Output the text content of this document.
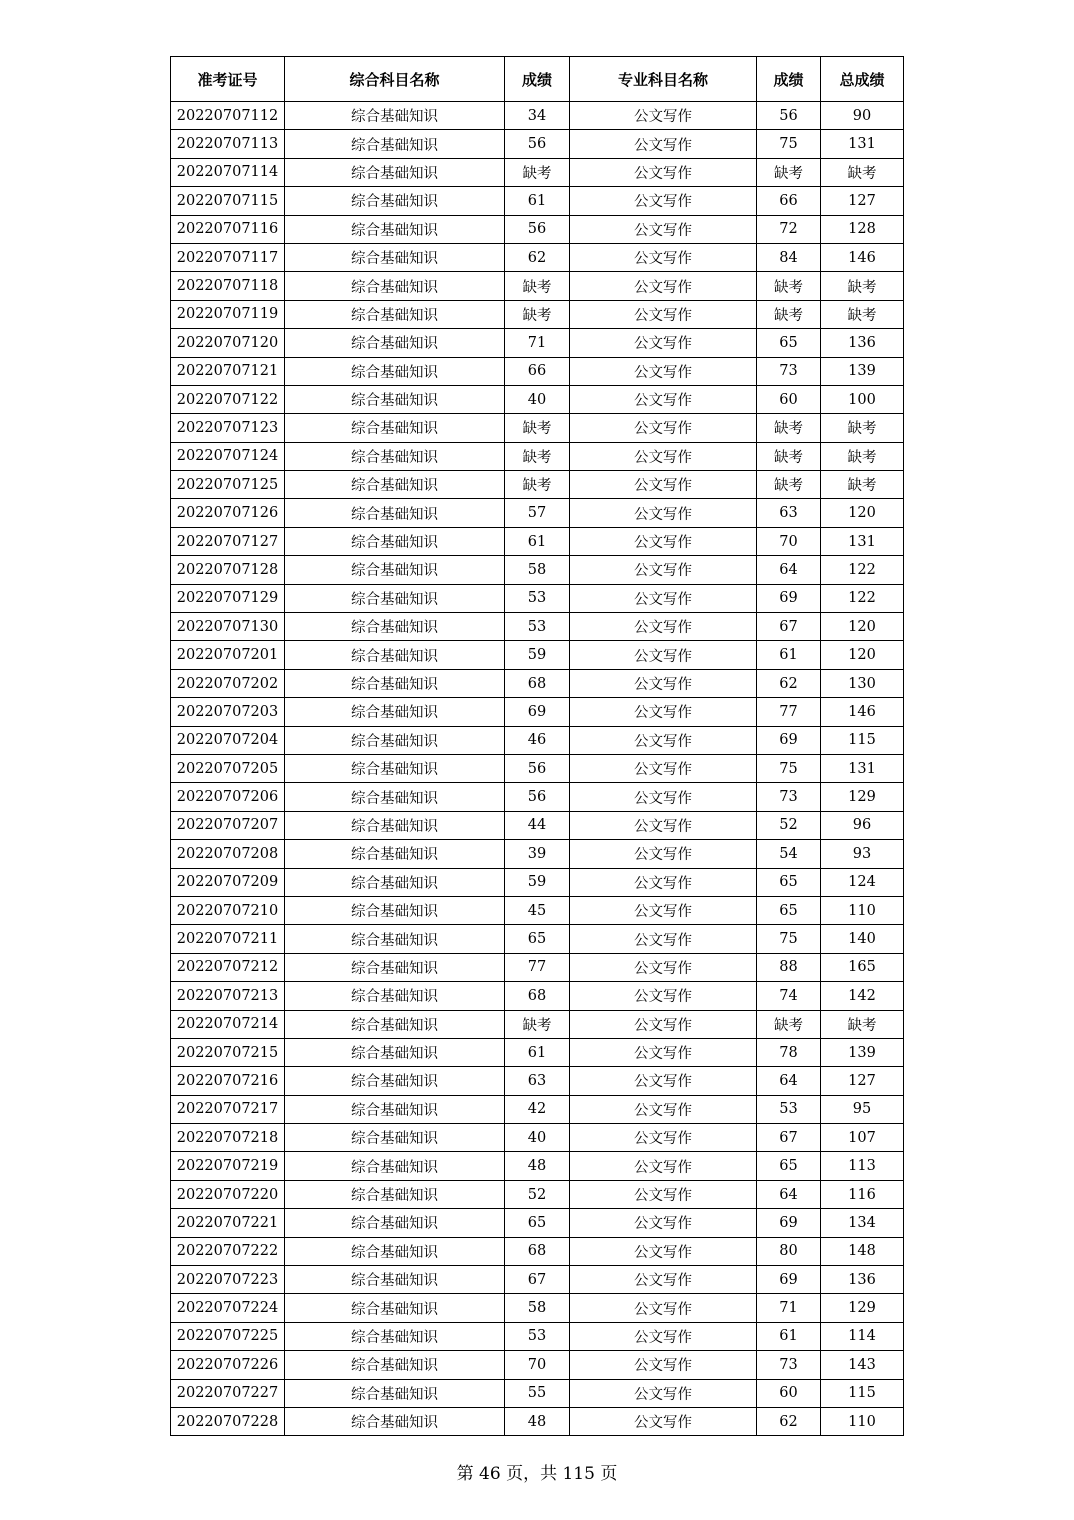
准考证号	综合科目名称	成绩	专业科目名称	成绩	总成绩
20220707112	综合基础知识	34	公文写作	56	90
20220707113	综合基础知识	56	公文写作	75	131
20220707114	综合基础知识	缺考	公文写作	缺考	缺考
20220707115	综合基础知识	61	公文写作	66	127
20220707116	综合基础知识	56	公文写作	72	128
20220707117	综合基础知识	62	公文写作	84	146
20220707118	综合基础知识	缺考	公文写作	缺考	缺考
20220707119	综合基础知识	缺考	公文写作	缺考	缺考
20220707120	综合基础知识	71	公文写作	65	136
20220707121	综合基础知识	66	公文写作	73	139
20220707122	综合基础知识	40	公文写作	60	100
20220707123	综合基础知识	缺考	公文写作	缺考	缺考
20220707124	综合基础知识	缺考	公文写作	缺考	缺考
20220707125	综合基础知识	缺考	公文写作	缺考	缺考
20220707126	综合基础知识	57	公文写作	63	120
20220707127	综合基础知识	61	公文写作	70	131
20220707128	综合基础知识	58	公文写作	64	122
20220707129	综合基础知识	53	公文写作	69	122
20220707130	综合基础知识	53	公文写作	67	120
20220707201	综合基础知识	59	公文写作	61	120
20220707202	综合基础知识	68	公文写作	62	130
20220707203	综合基础知识	69	公文写作	77	146
20220707204	综合基础知识	46	公文写作	69	115
20220707205	综合基础知识	56	公文写作	75	131
20220707206	综合基础知识	56	公文写作	73	129
20220707207	综合基础知识	44	公文写作	52	96
20220707208	综合基础知识	39	公文写作	54	93
20220707209	综合基础知识	59	公文写作	65	124
20220707210	综合基础知识	45	公文写作	65	110
20220707211	综合基础知识	65	公文写作	75	140
20220707212	综合基础知识	77	公文写作	88	165
20220707213	综合基础知识	68	公文写作	74	142
20220707214	综合基础知识	缺考	公文写作	缺考	缺考
20220707215	综合基础知识	61	公文写作	78	139
20220707216	综合基础知识	63	公文写作	64	127
20220707217	综合基础知识	42	公文写作	53	95
20220707218	综合基础知识	40	公文写作	67	107
20220707219	综合基础知识	48	公文写作	65	113
20220707220	综合基础知识	52	公文写作	64	116
20220707221	综合基础知识	65	公文写作	69	134
20220707222	综合基础知识	68	公文写作	80	148
20220707223	综合基础知识	67	公文写作	69	136
20220707224	综合基础知识	58	公文写作	71	129
20220707225	综合基础知识	53	公文写作	61	114
20220707226	综合基础知识	70	公文写作	73	143
20220707227	综合基础知识	55	公文写作	60	115
20220707228	综合基础知识	48	公文写作	62	110
第 46 页，共 115 页
